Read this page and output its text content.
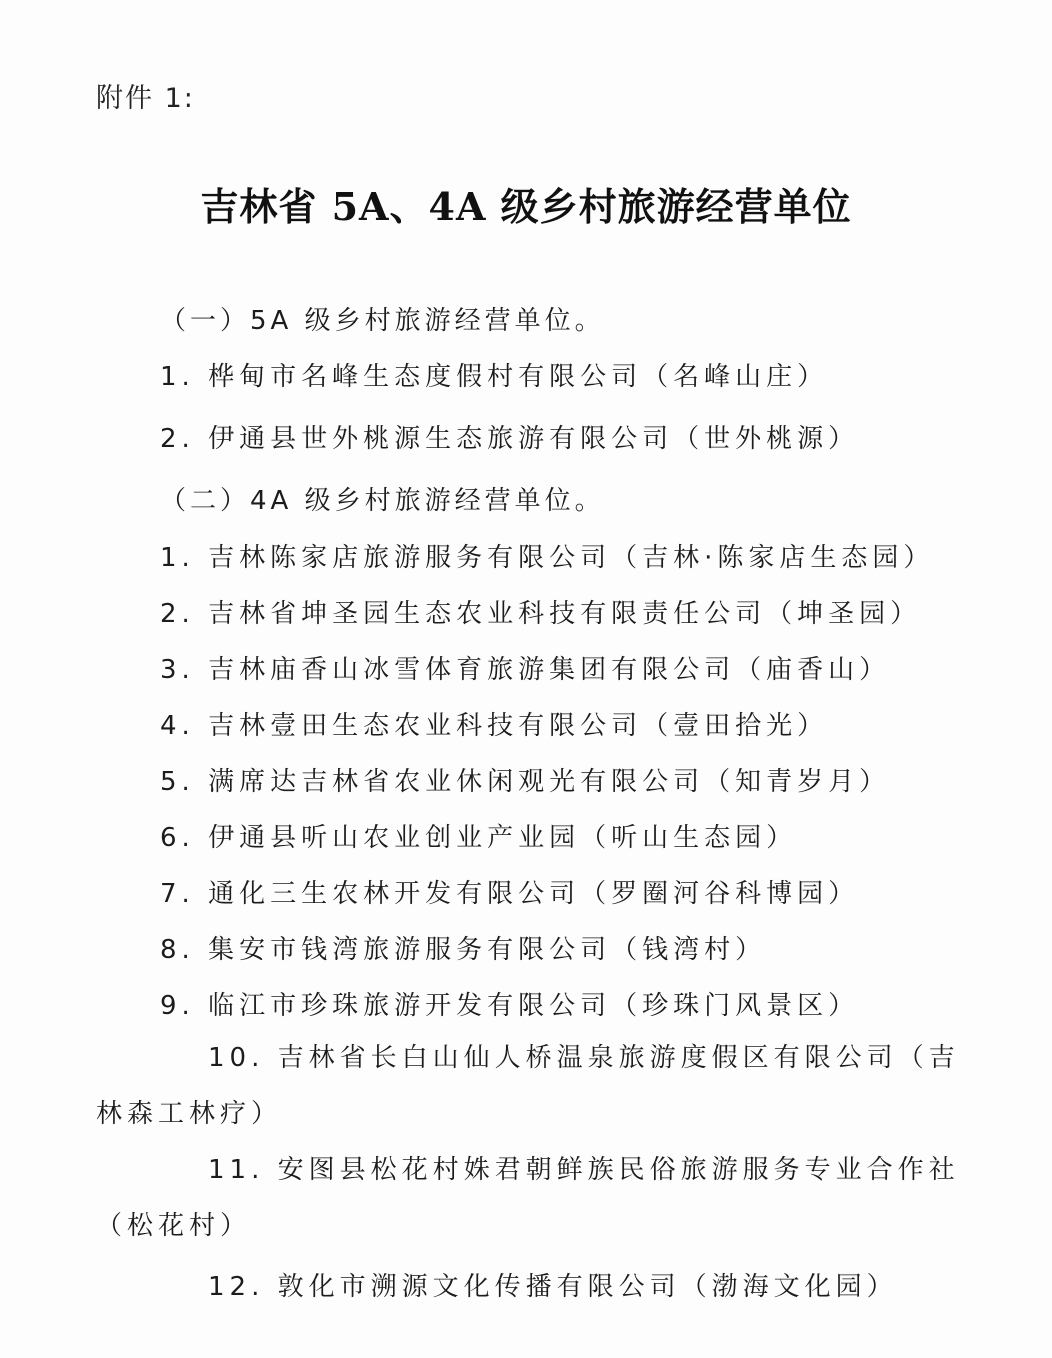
附件 1:
吉林省 5A、4A 级乡村旅游经营单位
（一）5A 级乡村旅游经营单位。
1. 桦甸市名峰生态度假村有限公司（名峰山庄）
2. 伊通县世外桃源生态旅游有限公司（世外桃源）
（二）4A 级乡村旅游经营单位。
1. 吉林陈家店旅游服务有限公司（吉林·陈家店生态园）
2. 吉林省坤圣园生态农业科技有限责任公司（坤圣园）
3. 吉林庙香山冰雪体育旅游集团有限公司（庙香山）
4. 吉林壹田生态农业科技有限公司（壹田拾光）
5. 满席达吉林省农业休闲观光有限公司（知青岁月）
6. 伊通县听山农业创业产业园（听山生态园）
7. 通化三生农林开发有限公司（罗圈河谷科博园）
8. 集安市钱湾旅游服务有限公司（钱湾村）
9. 临江市珍珠旅游开发有限公司（珍珠门风景区）
10. 吉林省长白山仙人桥温泉旅游度假区有限公司（吉林森工林疗）
11. 安图县松花村姝君朝鲜族民俗旅游服务专业合作社（松花村）
12. 敦化市溯源文化传播有限公司（渤海文化园）
